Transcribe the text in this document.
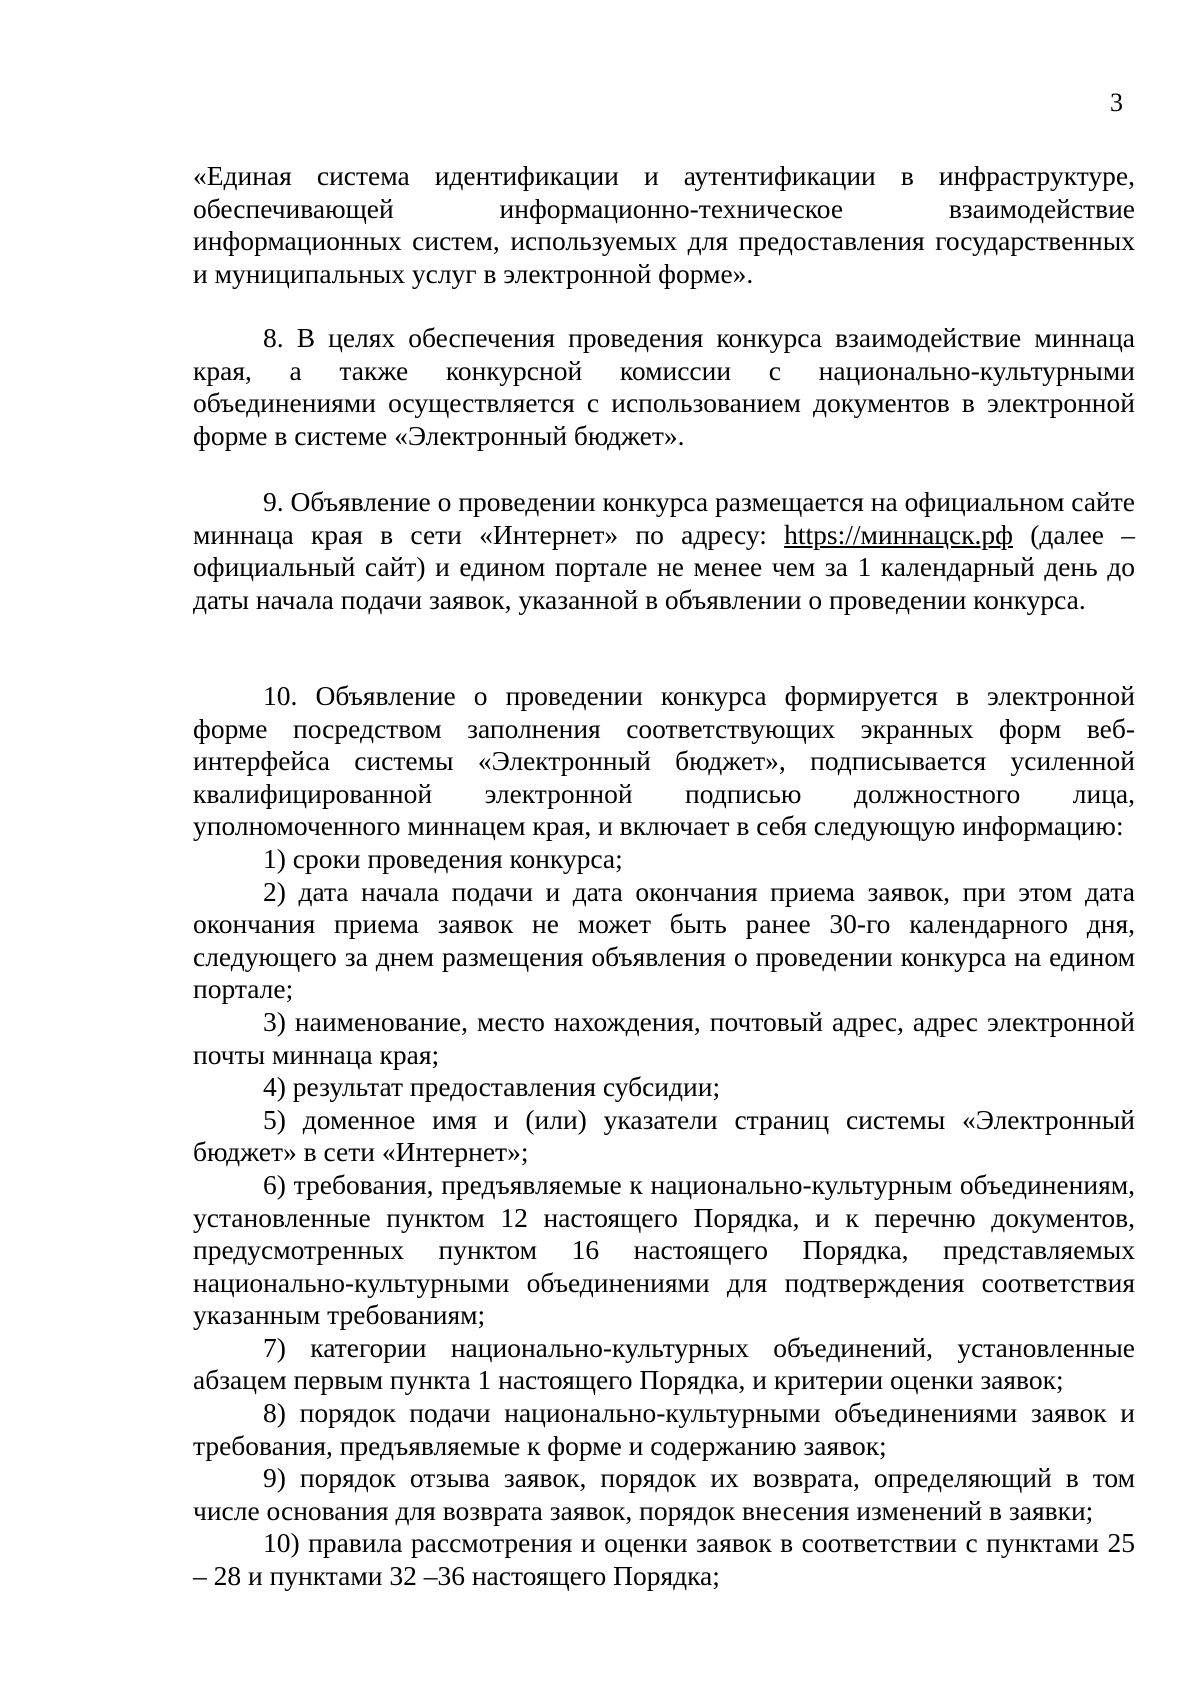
3

«Единая система идентификации и аутентификации в инфраструктуре, обеспечивающей информационно-техническое взаимодействие информационных систем, используемых для предоставления государственных и муниципальных услуг в электронной форме».

8. В целях обеспечения проведения конкурса взаимодействие миннаца края, а также конкурсной комиссии с национально-культурными объединениями осуществляется с использованием документов в электронной форме в системе «Электронный бюджет».

9. Объявление о проведении конкурса размещается на официальном сайте миннаца края в сети «Интернет» по адресу: https://миннацск.рф (далее – официальный сайт) и едином портале не менее чем за 1 календарный день до даты начала подачи заявок, указанной в объявлении о проведении конкурса.

10. Объявление о проведении конкурса формируется в электронной форме посредством заполнения соответствующих экранных форм веб-интерфейса системы «Электронный бюджет», подписывается усиленной квалифицированной электронной подписью должностного лица, уполномоченного миннацем края, и включает в себя следующую информацию:

1) сроки проведения конкурса;

2) дата начала подачи и дата окончания приема заявок, при этом дата окончания приема заявок не может быть ранее 30-го календарного дня, следующего за днем размещения объявления о проведении конкурса на едином портале;

3) наименование, место нахождения, почтовый адрес, адрес электронной почты миннаца края;

4) результат предоставления субсидии;

5) доменное имя и (или) указатели страниц системы «Электронный бюджет» в сети «Интернет»;

6) требования, предъявляемые к национально-культурным объединениям, установленные пунктом 12 настоящего Порядка, и к перечню документов, предусмотренных пунктом 16 настоящего Порядка, представляемых национально-культурными объединениями для подтверждения соответствия указанным требованиям;

7) категории национально-культурных объединений, установленные абзацем первым пункта 1 настоящего Порядка, и критерии оценки заявок;

8) порядок подачи национально-культурными объединениями заявок и требования, предъявляемые к форме и содержанию заявок;

9) порядок отзыва заявок, порядок их возврата, определяющий в том числе основания для возврата заявок, порядок внесения изменений в заявки;

10) правила рассмотрения и оценки заявок в соответствии с пунктами 25 – 28 и пунктами 32 –36 настоящего Порядка;
